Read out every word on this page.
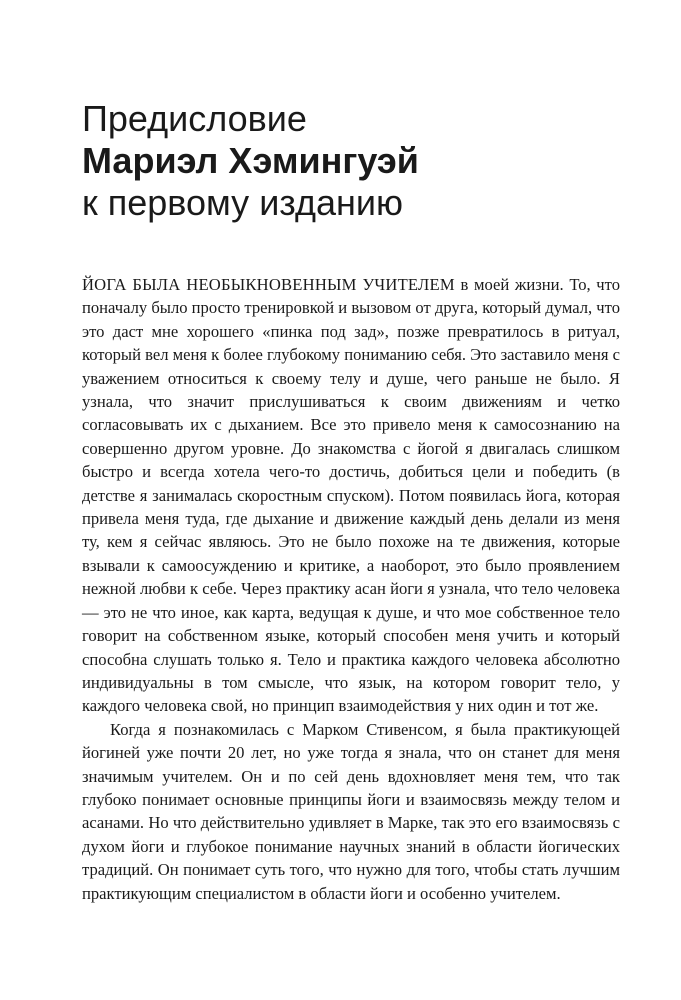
Предисловие
Мариэл Хэмингуэй
к первому изданию

ЙОГА БЫЛА НЕОБЫКНОВЕННЫМ УЧИТЕЛЕМ в моей жизни. То, что поначалу было просто тренировкой и вызовом от друга, который думал, что это даст мне хорошего «пинка под зад», позже превратилось в ритуал, который вел меня к более глубокому пониманию себя. Это заставило меня с уважением относиться к своему телу и душе, чего раньше не было. Я узнала, что значит прислушиваться к своим движениям и четко согласовывать их с дыханием. Все это привело меня к самосознанию на совершенно другом уровне. До знакомства с йогой я двигалась слишком быстро и всегда хотела чего-то достичь, добиться цели и победить (в детстве я занималась скоростным спуском). Потом появилась йога, которая привела меня туда, где дыхание и движение каждый день делали из меня ту, кем я сейчас являюсь. Это не было похоже на те движения, которые взывали к самоосуждению и критике, а наоборот, это было проявлением нежной любви к себе. Через практику асан йоги я узнала, что тело человека — это не что иное, как карта, ведущая к душе, и что мое собственное тело говорит на собственном языке, который способен меня учить и который способна слушать только я. Тело и практика каждого человека абсолютно индивидуальны в том смысле, что язык, на котором говорит тело, у каждого человека свой, но принцип взаимодействия у них один и тот же.

Когда я познакомилась с Марком Стивенсом, я была практикующей йогиней уже почти 20 лет, но уже тогда я знала, что он станет для меня значимым учителем. Он и по сей день вдохновляет меня тем, что так глубоко понимает основные принципы йоги и взаимосвязь между телом и асанами. Но что действительно удивляет в Марке, так это его взаимосвязь с духом йоги и глубокое понимание научных знаний в области йогических традиций. Он понимает суть того, что нужно для того, чтобы стать лучшим практикующим специалистом в области йоги и особенно учителем.
